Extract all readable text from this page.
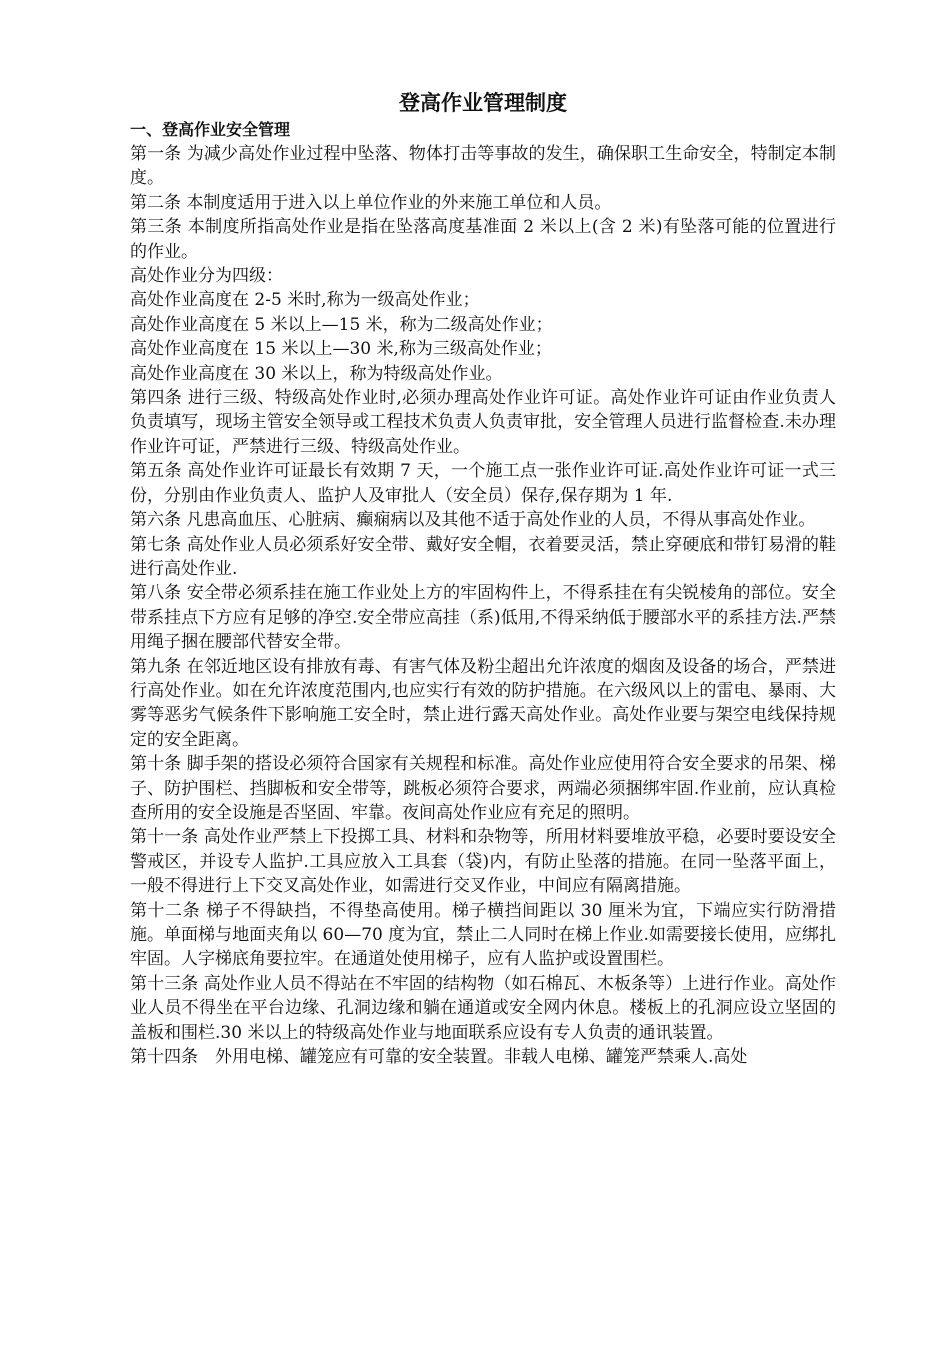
登高作业管理制度
一、登高作业安全管理

第一条 为减少高处作业过程中坠落、物体打击等事故的发生，确保职工生命安全，特制定本制度。

第二条 本制度适用于进入以上单位作业的外来施工单位和人员。

第三条 本制度所指高处作业是指在坠落高度基准面 2 米以上(含 2 米)有坠落可能的位置进行的作业。

高处作业分为四级：

高处作业高度在 2-5 米时,称为一级高处作业；

高处作业高度在 5 米以上—15 米，称为二级高处作业；

高处作业高度在 15 米以上—30 米,称为三级高处作业；

高处作业高度在 30 米以上，称为特级高处作业。

第四条 进行三级、特级高处作业时,必须办理高处作业许可证。高处作业许可证由作业负责人负责填写，现场主管安全领导或工程技术负责人负责审批，安全管理人员进行监督检查.未办理作业许可证，严禁进行三级、特级高处作业。

第五条 高处作业许可证最长有效期 7 天，一个施工点一张作业许可证.高处作业许可证一式三份，分别由作业负责人、监护人及审批人（安全员）保存,保存期为 1 年.

第六条 凡患高血压、心脏病、癫痫病以及其他不适于高处作业的人员，不得从事高处作业。

第七条 高处作业人员必须系好安全带、戴好安全帽，衣着要灵活，禁止穿硬底和带钉易滑的鞋进行高处作业.

第八条 安全带必须系挂在施工作业处上方的牢固构件上，不得系挂在有尖锐棱角的部位。安全带系挂点下方应有足够的净空.安全带应高挂（系)低用,不得采纳低于腰部水平的系挂方法.严禁用绳子捆在腰部代替安全带。

第九条 在邻近地区设有排放有毒、有害气体及粉尘超出允许浓度的烟囱及设备的场合，严禁进行高处作业。如在允许浓度范围内,也应实行有效的防护措施。在六级风以上的雷电、暴雨、大雾等恶劣气候条件下影响施工安全时，禁止进行露天高处作业。高处作业要与架空电线保持规定的安全距离。

第十条 脚手架的搭设必须符合国家有关规程和标准。高处作业应使用符合安全要求的吊架、梯子、防护围栏、挡脚板和安全带等，跳板必须符合要求，两端必须捆绑牢固.作业前，应认真检查所用的安全设施是否坚固、牢靠。夜间高处作业应有充足的照明。

第十一条 高处作业严禁上下投掷工具、材料和杂物等，所用材料要堆放平稳，必要时要设安全警戒区，并设专人监护.工具应放入工具套（袋)内，有防止坠落的措施。在同一坠落平面上，一般不得进行上下交叉高处作业，如需进行交叉作业，中间应有隔离措施。

第十二条 梯子不得缺挡，不得垫高使用。梯子横挡间距以 30 厘米为宜，下端应实行防滑措施。单面梯与地面夹角以 60—70 度为宜，禁止二人同时在梯上作业.如需要接长使用，应绑扎牢固。人字梯底角要拉牢。在通道处使用梯子，应有人监护或设置围栏。

第十三条 高处作业人员不得站在不牢固的结构物（如石棉瓦、木板条等）上进行作业。高处作业人员不得坐在平台边缘、孔洞边缘和躺在通道或安全网内休息。楼板上的孔洞应设立坚固的盖板和围栏.30 米以上的特级高处作业与地面联系应设有专人负责的通讯装置。

第十四条　外用电梯、罐笼应有可靠的安全装置。非载人电梯、罐笼严禁乘人.高处
